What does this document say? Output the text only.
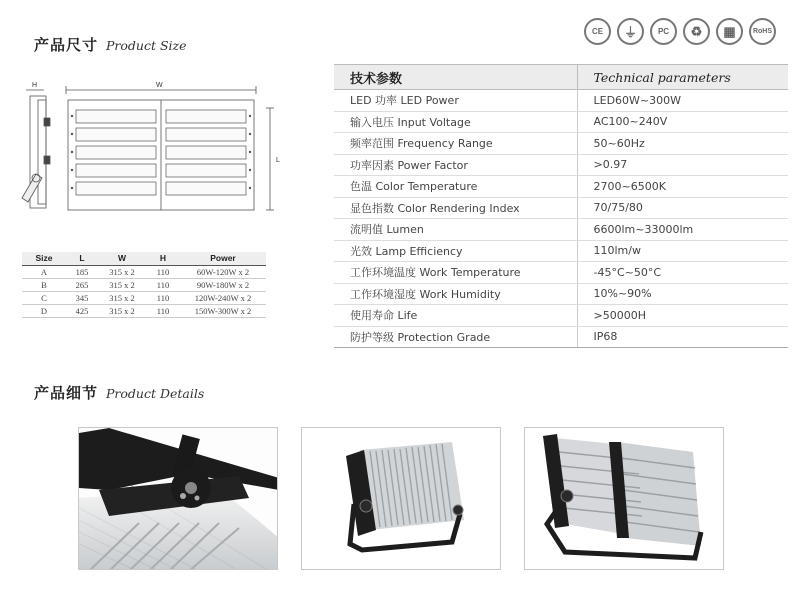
产品尺寸 Product Size
产品细节 Product Details
CE	⏚	PC	♻	▦	RoHS
H	W
L
Size	L	W	H	Power
A	185	315 x 2	110	60W-120W x 2
B	265	315 x 2	110	90W-180W x 2
C	345	315 x 2	110	120W-240W x 2
D	425	315 x 2	110	150W-300W x 2
技术参数	Technical parameters
LED 功率 LED Power	LED60W~300W
输入电压 Input Voltage	AC100~240V
频率范围 Frequency Range	50~60Hz
功率因素 Power Factor	>0.97
色温 Color Temperature	2700~6500K
显色指数 Color Rendering Index	70/75/80
流明值 Lumen	6600lm~33000lm
光效 Lamp Efficiency	110lm/w
工作环境温度 Work Temperature	-45°C~50°C
工作环境湿度 Work Humidity	10%~90%
使用寿命 Life	>50000H
防护等级 Protection Grade	IP68
